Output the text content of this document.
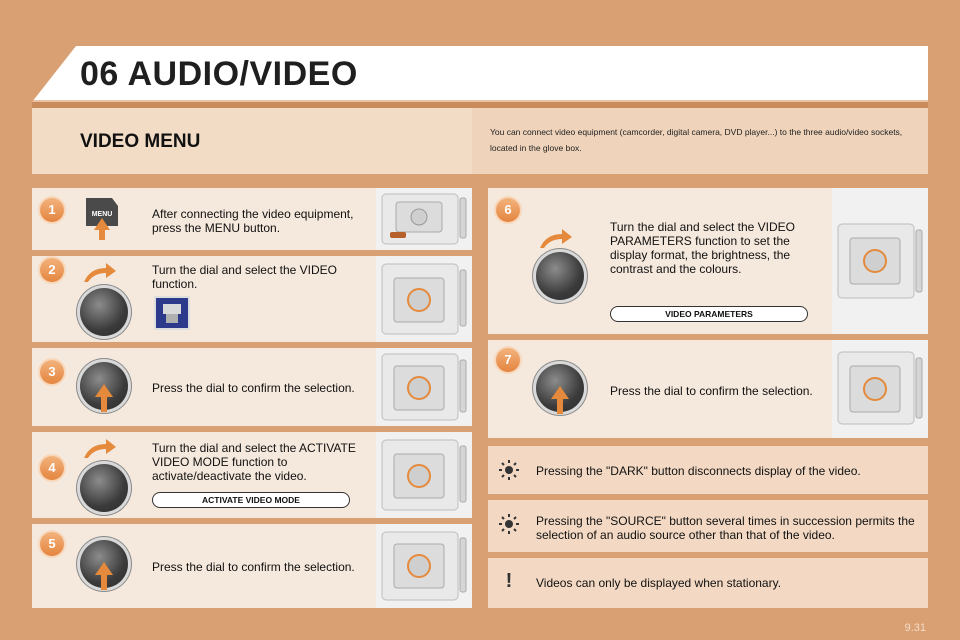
06 AUDIO/VIDEO
VIDEO MENU	You can connect video equipment (camcorder, digital camera, DVD player...) to the three audio/video sockets, located in the glove box.
1	MENU	After connecting the video equipment, press the MENU button.
2	Turn the dial and select the VIDEO function.
3
Press the dial to confirm the selection.
4
Turn the dial and select the ACTIVATE VIDEO MODE function to activate/deactivate the video.
ACTIVATE VIDEO MODE
5
Press the dial to confirm the selection.
6
Turn the dial and select the VIDEO PARAMETERS function to set the display format, the brightness, the contrast and the colours.
VIDEO PARAMETERS
7
Press the dial to confirm the selection.
Pressing the "DARK" button disconnects display of the video.
Pressing the "SOURCE" button several times in succession permits the selection of an audio source other than that of the video.
!	Videos can only be displayed when stationary.
9.31
